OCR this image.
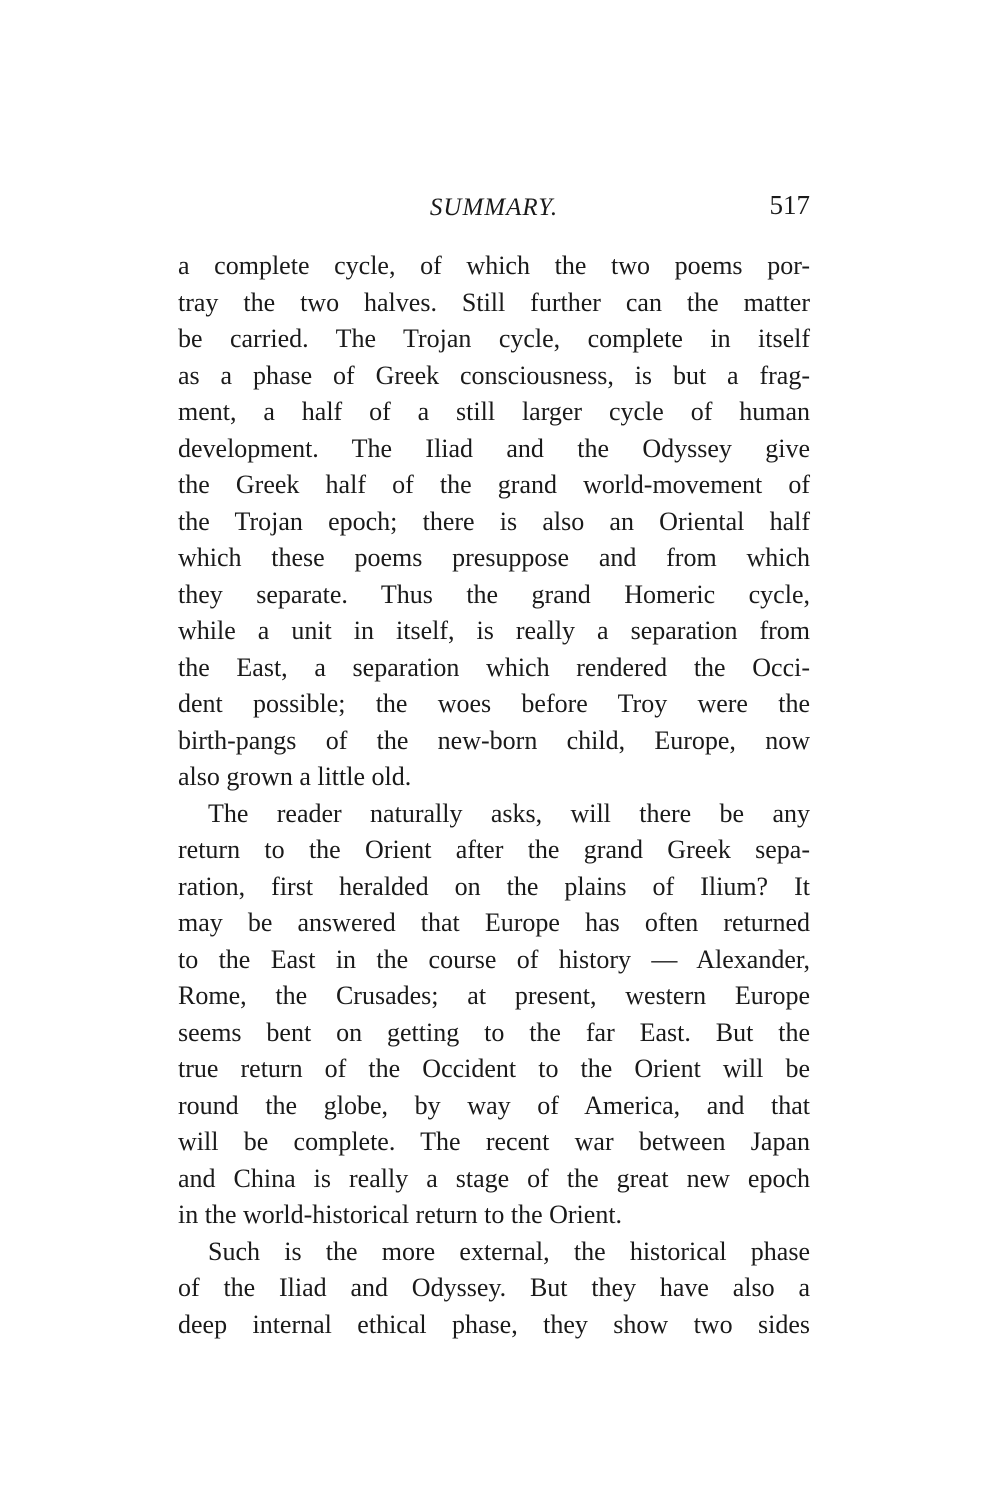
SUMMARY.	517
a complete cycle, of which the two poems por-
tray the two halves. Still further can the matter
be carried. The Trojan cycle, complete in itself
as a phase of Greek consciousness, is but a frag-
ment, a half of a still larger cycle of human
development. The Iliad and the Odyssey give
the Greek half of the grand world-movement of
the Trojan epoch; there is also an Oriental half
which these poems presuppose and from which
they separate. Thus the grand Homeric cycle,
while a unit in itself, is really a separation from
the East, a separation which rendered the Occi-
dent possible; the woes before Troy were the
birth-pangs of the new-born child, Europe, now
also grown a little old.
The reader naturally asks, will there be any
return to the Orient after the grand Greek sepa-
ration, first heralded on the plains of Ilium? It
may be answered that Europe has often returned
to the East in the course of history — Alexander,
Rome, the Crusades; at present, western Europe
seems bent on getting to the far East. But the
true return of the Occident to the Orient will be
round the globe, by way of America, and that
will be complete. The recent war between Japan
and China is really a stage of the great new epoch
in the world-historical return to the Orient.
Such is the more external, the historical phase
of the Iliad and Odyssey. But they have also a
deep internal ethical phase, they show two sides
